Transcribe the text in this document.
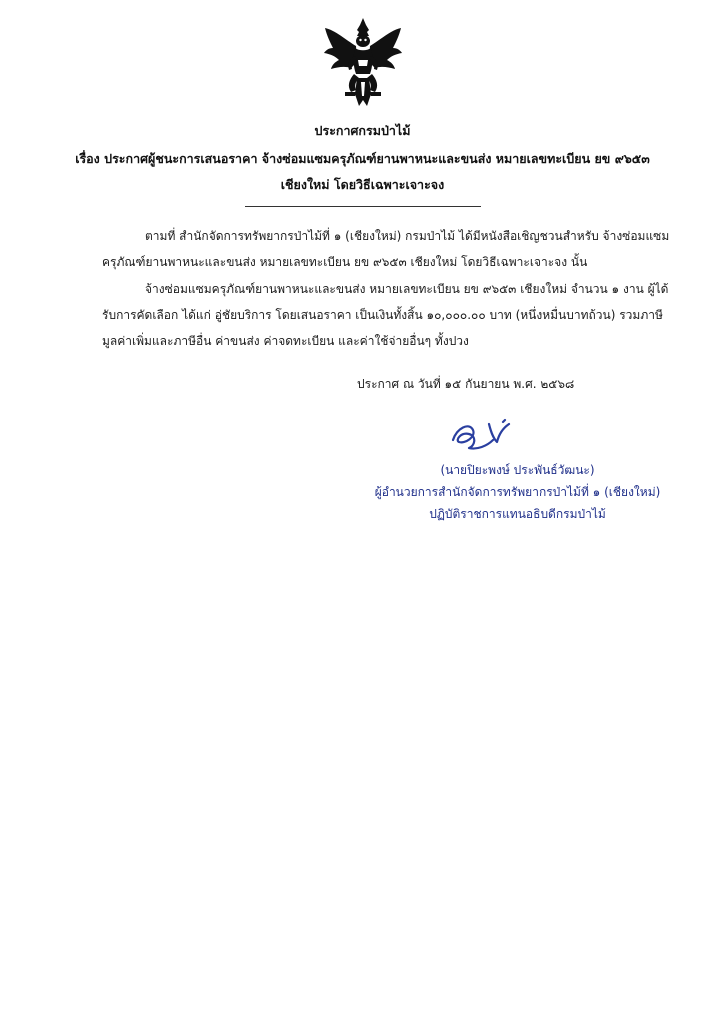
ประกาศกรมป่าไม้
เรื่อง ประกาศผู้ชนะการเสนอราคา จ้างซ่อมแซมครุภัณฑ์ยานพาหนะและขนส่ง หมายเลขทะเบียน ยข ๙๖๕๓
เชียงใหม่ โดยวิธีเฉพาะเจาะจง
ตามที่ สำนักจัดการทรัพยากรป่าไม้ที่ ๑ (เชียงใหม่) กรมป่าไม้ ได้มีหนังสือเชิญชวนสำหรับ จ้างซ่อมแซม
ครุภัณฑ์ยานพาหนะและขนส่ง หมายเลขทะเบียน ยข ๙๖๕๓ เชียงใหม่ โดยวิธีเฉพาะเจาะจง นั้น
จ้างซ่อมแซมครุภัณฑ์ยานพาหนะและขนส่ง หมายเลขทะเบียน ยข ๙๖๕๓ เชียงใหม่ จำนวน ๑ งาน ผู้ได้
รับการคัดเลือก ได้แก่ อู่ชัยบริการ โดยเสนอราคา เป็นเงินทั้งสิ้น ๑๐,๐๐๐.๐๐ บาท (หนึ่งหมื่นบาทถ้วน) รวมภาษี
มูลค่าเพิ่มและภาษีอื่น ค่าขนส่ง ค่าจดทะเบียน และค่าใช้จ่ายอื่นๆ ทั้งปวง
ประกาศ ณ วันที่ ๑๕ กันยายน พ.ศ. ๒๕๖๘
(นายปิยะพงษ์ ประพันธ์วัฒนะ)
ผู้อำนวยการสำนักจัดการทรัพยากรป่าไม้ที่ ๑ (เชียงใหม่)
ปฏิบัติราชการแทนอธิบดีกรมป่าไม้
